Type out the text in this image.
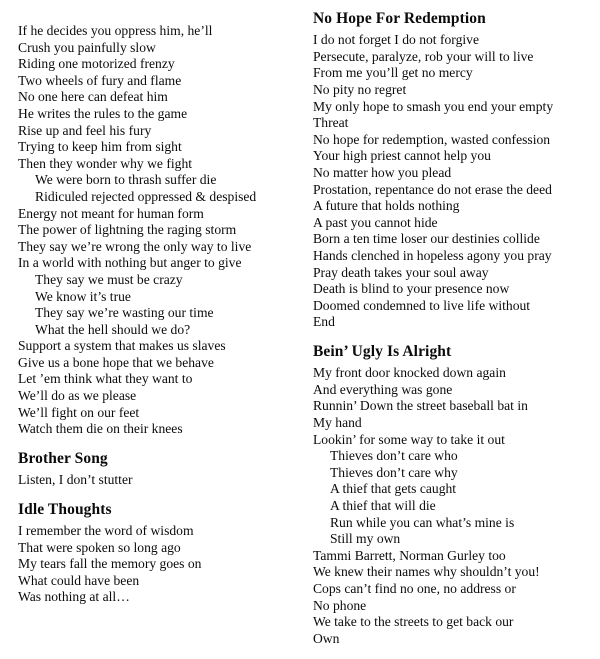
If he decides you oppress him, he’ll
Crush you painfully slow
Riding one motorized frenzy
Two wheels of fury and flame
No one here can defeat him
He writes the rules to the game
Rise up and feel his fury
Trying to keep him from sight
Then they wonder why we fight
We were born to thrash suffer die
Ridiculed rejected oppressed & despised
Energy not meant for human form
The power of lightning the raging storm
They say we’re wrong the only way to live
In a world with nothing but anger to give
They say we must be crazy
We know it’s true
They say we’re wasting our time
What the hell should we do?
Support a system that makes us slaves
Give us a bone hope that we behave
Let ’em think what they want to
We’ll do as we please
We’ll fight on our feet
Watch them die on their knees
Brother Song
Listen, I don’t stutter
Idle Thoughts
I remember the word of wisdom
That were spoken so long ago
My tears fall the memory goes on
What could have been
Was nothing at all…
No Hope For Redemption
I do not forget I do not forgive
Persecute, paralyze, rob your will to live
From me you’ll get no mercy
No pity no regret
My only hope to smash you end your empty
Threat
No hope for redemption, wasted confession
Your high priest cannot help you
No matter how you plead
Prostation, repentance do not erase the deed
A future that holds nothing
A past you cannot hide
Born a ten time loser our destinies collide
Hands clenched in hopeless agony you pray
Pray death takes your soul away
Death is blind to your presence now
Doomed condemned to live life without
End
Bein’ Ugly Is Alright
My front door knocked down again
And everything was gone
Runnin’ Down the street baseball bat in
My hand
Lookin’ for some way to take it out
Thieves don’t care who
Thieves don’t care why
A thief that gets caught
A thief that will die
Run while you can what’s mine is
Still my own
Tammi Barrett, Norman Gurley too
We knew their names why shouldn’t you!
Cops can’t find no one, no address or
No phone
We take to the streets to get back our
Own
